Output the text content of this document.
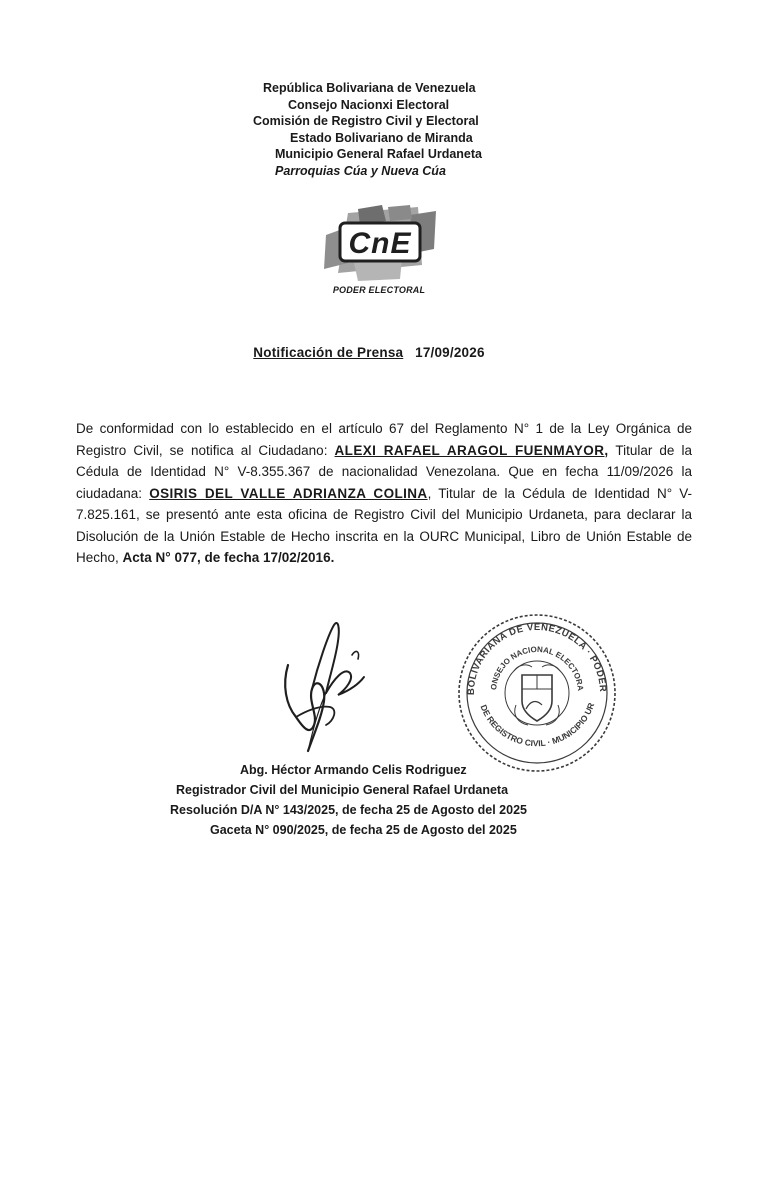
República Bolivariana de Venezuela
Consejo Nacionxi Electoral
Comisión de Registro Civil y Electoral
Estado Bolivariano de Miranda
Municipio General Rafael Urdaneta
Parroquias Cúa y Nueva Cúa
CnE
PODER ELECTORAL
Notificación de Prensa 17/09/2026
De conformidad con lo establecido en el artículo 67 del Reglamento N° 1 de la Ley Orgánica de Registro Civil, se notifica al Ciudadano: ALEXI RAFAEL ARAGOL FUENMAYOR, Titular de la Cédula de Identidad N° V-8.355.367 de nacionalidad Venezolana. Que en fecha 11/09/2026 la ciudadana: OSIRIS DEL VALLE ADRIANZA COLINA, Titular de la Cédula de Identidad N° V-7.825.161, se presentó ante esta oficina de Registro Civil del Municipio Urdaneta, para declarar la Disolución de la Unión Estable de Hecho inscrita en la OURC Municipal, Libro de Unión Estable de Hecho, Acta N° 077, de fecha 17/02/2016.
BOLIVARIANA DE VENEZUELA · PODER
ONSEJO NACIONAL ELECTORA
DE REGISTRO CIVIL · MUNICIPIO UR
Abg. Héctor Armando Celis Rodriguez
Registrador Civil del Municipio General Rafael Urdaneta
Resolución D/A N° 143/2025, de fecha 25 de Agosto del 2025
Gaceta N° 090/2025, de fecha 25 de Agosto del 2025
